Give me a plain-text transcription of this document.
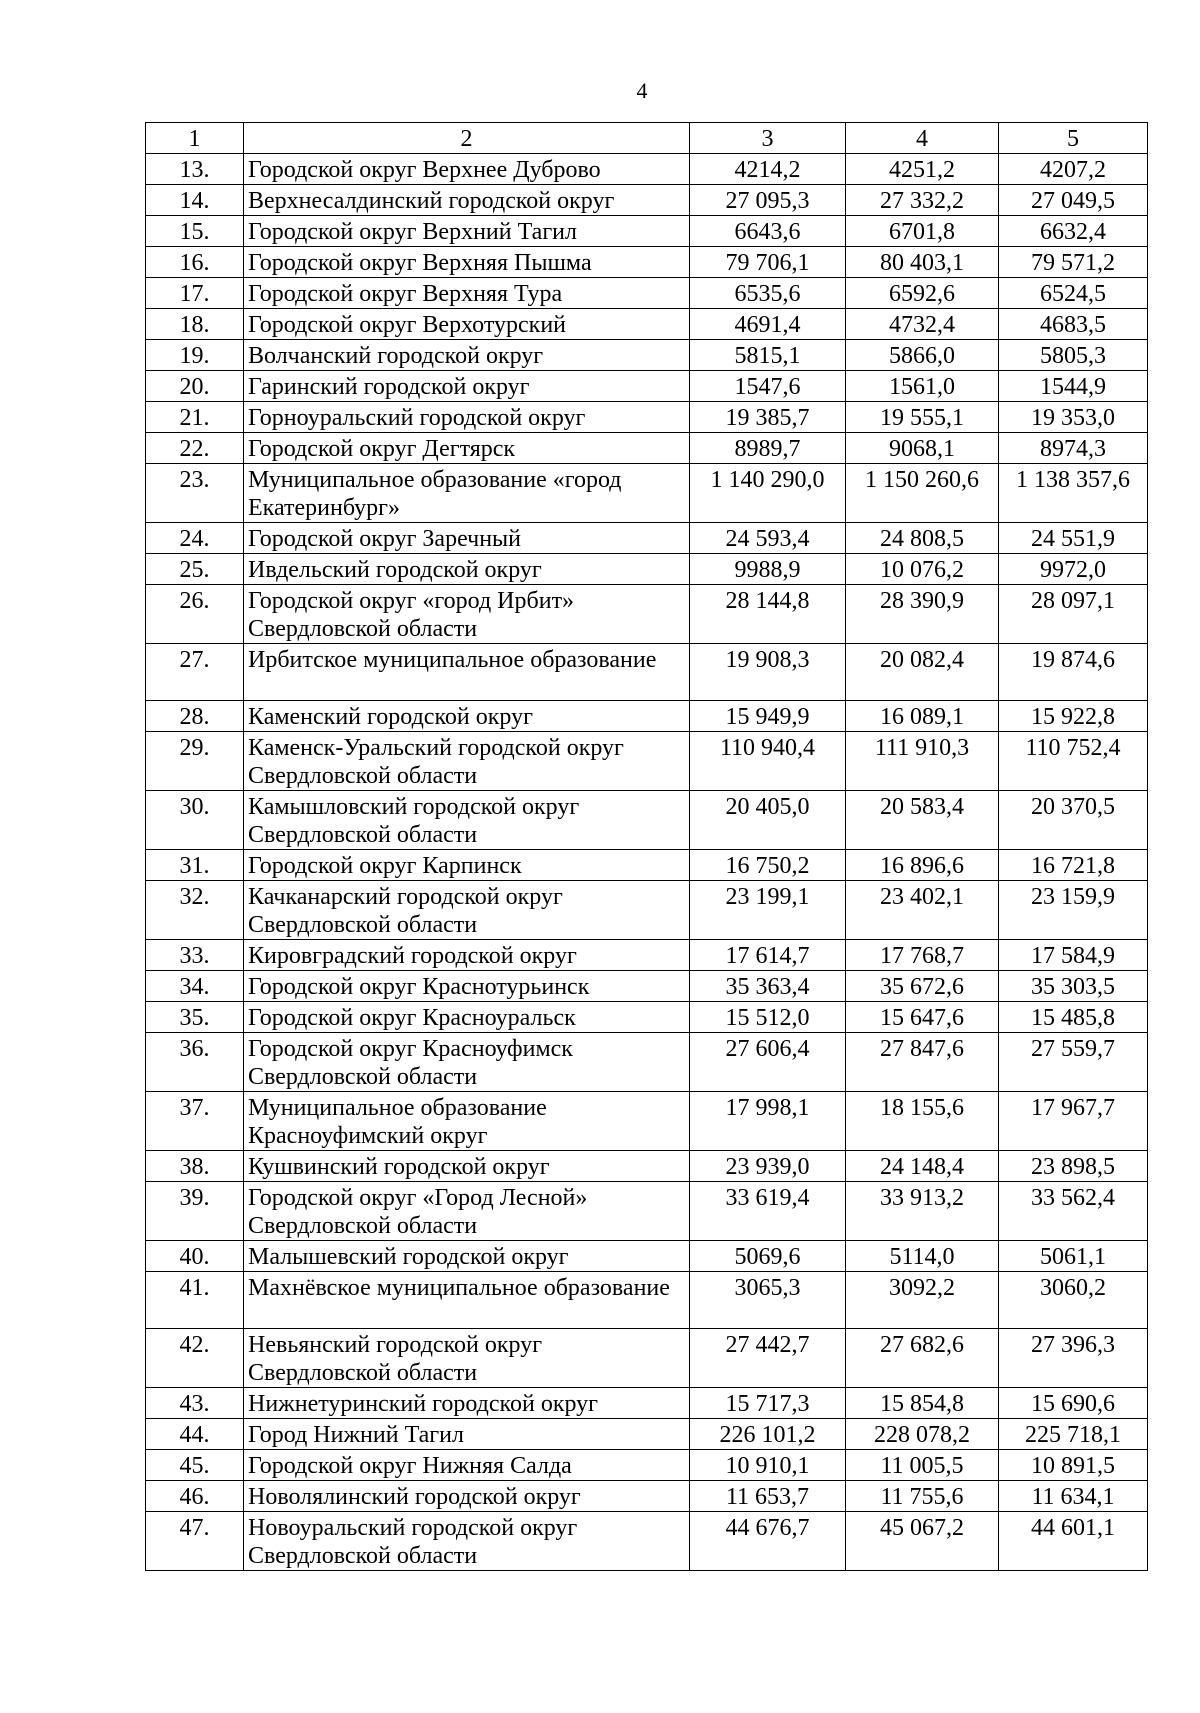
4
1	2	3	4	5
13.	Городской округ Верхнее Дуброво	4214,2	4251,2	4207,2
14.	Верхнесалдинский городской округ	27 095,3	27 332,2	27 049,5
15.	Городской округ Верхний Тагил	6643,6	6701,8	6632,4
16.	Городской округ Верхняя Пышма	79 706,1	80 403,1	79 571,2
17.	Городской округ Верхняя Тура	6535,6	6592,6	6524,5
18.	Городской округ Верхотурский	4691,4	4732,4	4683,5
19.	Волчанский городской округ	5815,1	5866,0	5805,3
20.	Гаринский городской округ	1547,6	1561,0	1544,9
21.	Горноуральский городской округ	19 385,7	19 555,1	19 353,0
22.	Городской округ Дегтярск	8989,7	9068,1	8974,3
23.	Муниципальное образование «город Екатеринбург»	1 140 290,0	1 150 260,6	1 138 357,6
24.	Городской округ Заречный	24 593,4	24 808,5	24 551,9
25.	Ивдельский городской округ	9988,9	10 076,2	9972,0
26.	Городской округ «город Ирбит» Свердловской области	28 144,8	28 390,9	28 097,1
27.	Ирбитское муниципальное образование	19 908,3	20 082,4	19 874,6
28.	Каменский городской округ	15 949,9	16 089,1	15 922,8
29.	Каменск-Уральский городской округ Свердловской области	110 940,4	111 910,3	110 752,4
30.	Камышловский городской округ Свердловской области	20 405,0	20 583,4	20 370,5
31.	Городской округ Карпинск	16 750,2	16 896,6	16 721,8
32.	Качканарский городской округ Свердловской области	23 199,1	23 402,1	23 159,9
33.	Кировградский городской округ	17 614,7	17 768,7	17 584,9
34.	Городской округ Краснотурьинск	35 363,4	35 672,6	35 303,5
35.	Городской округ Красноуральск	15 512,0	15 647,6	15 485,8
36.	Городской округ Красноуфимск Свердловской области	27 606,4	27 847,6	27 559,7
37.	Муниципальное образование Красноуфимский округ	17 998,1	18 155,6	17 967,7
38.	Кушвинский городской округ	23 939,0	24 148,4	23 898,5
39.	Городской округ «Город Лесной» Свердловской области	33 619,4	33 913,2	33 562,4
40.	Малышевский городской округ	5069,6	5114,0	5061,1
41.	Махнёвское муниципальное образование	3065,3	3092,2	3060,2
42.	Невьянский городской округ Свердловской области	27 442,7	27 682,6	27 396,3
43.	Нижнетуринский городской округ	15 717,3	15 854,8	15 690,6
44.	Город Нижний Тагил	226 101,2	228 078,2	225 718,1
45.	Городской округ Нижняя Салда	10 910,1	11 005,5	10 891,5
46.	Новолялинский городской округ	11 653,7	11 755,6	11 634,1
47.	Новоуральский городской округ Свердловской области	44 676,7	45 067,2	44 601,1
